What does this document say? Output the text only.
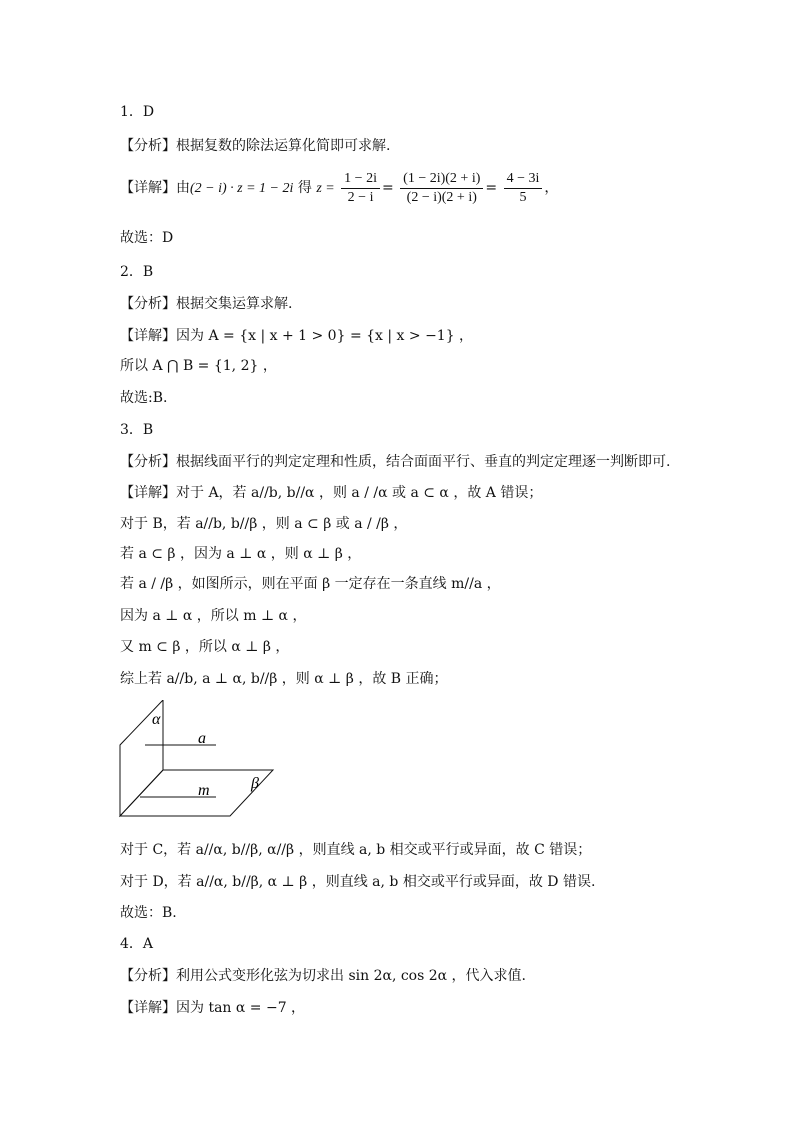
1．D
【分析】根据复数的除法运算化简即可求解.
【详解】由(2 − i) · z = 1 − 2i 得 $z = \frac{1 - 2i}{2 - i} = \frac{(1 - 2i)(2 + i)}{(2 - i)(2 + i)} = \frac{4 - 3i}{5}$ ，
故选：D
2．B
【分析】根据交集运算求解.
【详解】因为 A = {x | x + 1 > 0} = {x | x > −1} ，
所以 A ⋂ B = {1, 2} ，
故选:B.
3．B
【分析】根据线面平行的判定定理和性质，结合面面平行、垂直的判定定理逐一判断即可.
【详解】对于 A，若 a//b, b//α ，则 a / /α 或 a ⊂ α ，故 A 错误；
对于 B，若 a//b, b//β ，则 a ⊂ β 或 a / /β ，
若 a ⊂ β ，因为 a ⊥ α ，则 α ⊥ β ，
若 a / /β ，如图所示，则在平面 β 一定存在一条直线 m//a ，
因为 a ⊥ α ，所以 m ⊥ α ，
又 m ⊂ β ，所以 α ⊥ β ，
综上若 a//b, a ⊥ α, b//β ，则 α ⊥ β ，故 B 正确；
α
a
β
m
对于 C，若 a//α, b//β, α//β ，则直线 a, b 相交或平行或异面，故 C 错误；
对于 D，若 a//α, b//β, α ⊥ β ，则直线 a, b 相交或平行或异面，故 D 错误.
故选：B.
4．A
【分析】利用公式变形化弦为切求出 sin 2α, cos 2α ，代入求值.
【详解】因为 tan α = −7 ，
